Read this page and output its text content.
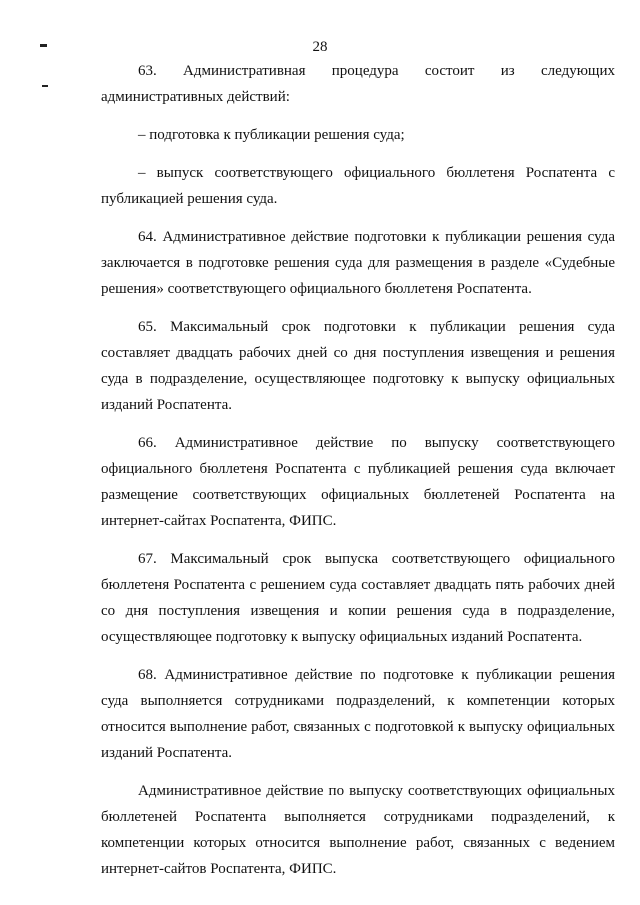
28

63. Административная процедура состоит из следующих административных действий:

– подготовка к публикации решения суда;

– выпуск соответствующего официального бюллетеня Роспатента с публикацией решения суда.

64. Административное действие подготовки к публикации решения суда заключается в подготовке решения суда для размещения в разделе «Судебные решения» соответствующего официального бюллетеня Роспатента.

65. Максимальный срок подготовки к публикации решения суда составляет двадцать рабочих дней со дня поступления извещения и решения суда в подразделение, осуществляющее подготовку к выпуску официальных изданий Роспатента.

66. Административное действие по выпуску соответствующего официального бюллетеня Роспатента с публикацией решения суда включает размещение соответствующих официальных бюллетеней Роспатента на интернет-сайтах Роспатента, ФИПС.

67. Максимальный срок выпуска соответствующего официального бюллетеня Роспатента с решением суда составляет двадцать пять рабочих дней со дня поступления извещения и копии решения суда в подразделение, осуществляющее подготовку к выпуску официальных изданий Роспатента.

68. Административное действие по подготовке к публикации решения суда выполняется сотрудниками подразделений, к компетенции которых относится выполнение работ, связанных с подготовкой к выпуску официальных изданий Роспатента.

Административное действие по выпуску соответствующих официальных бюллетеней Роспатента выполняется сотрудниками подразделений, к компетенции которых относится выполнение работ, связанных с ведением интернет-сайтов Роспатента, ФИПС.
